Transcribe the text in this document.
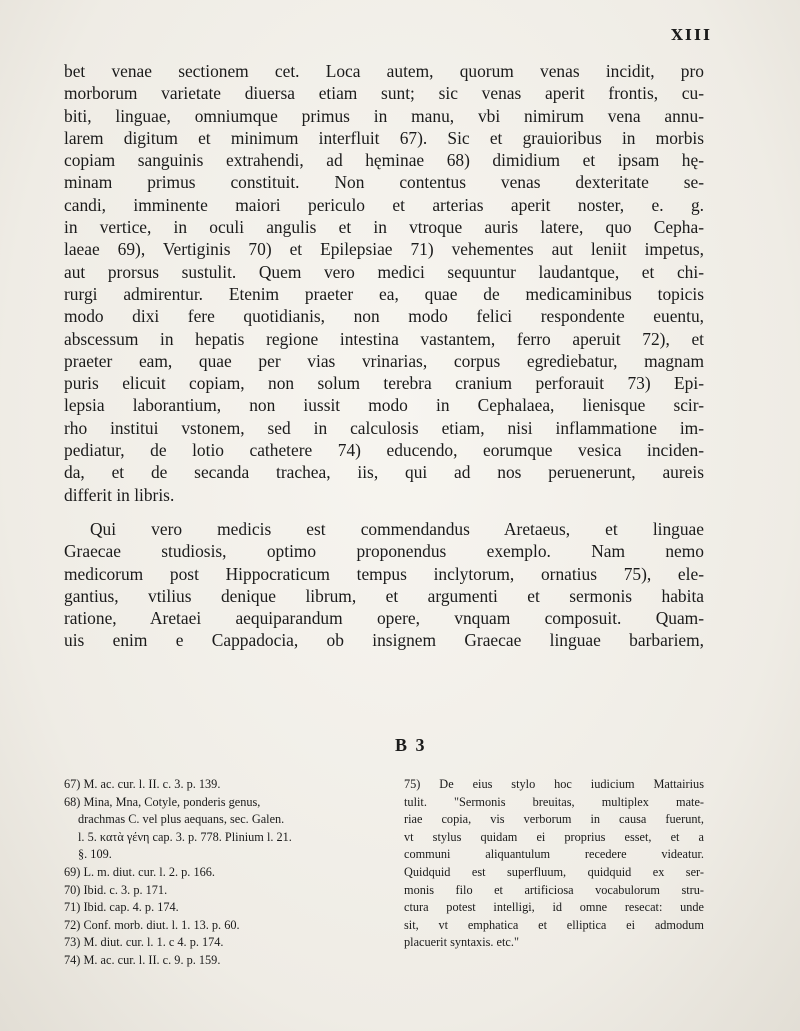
XIII
bet venae sectionem cet. Loca autem, quorum venas incidit, pro
morborum varietate diuersa etiam sunt; sic venas aperit frontis, cu-
biti, linguae, omniumque primus in manu, vbi nimirum vena annu-
larem digitum et minimum interfluit 67). Sic et grauioribus in morbis
copiam sanguinis extrahendi, ad hęminae 68) dimidium et ipsam hę-
minam primus constituit. Non contentus venas dexteritate se-
candi, imminente maiori periculo et arterias aperit noster, e. g.
in vertice, in oculi angulis et in vtroque auris latere, quo Cepha-
laeae 69), Vertiginis 70) et Epilepsiae 71) vehementes aut leniit impetus,
aut prorsus sustulit. Quem vero medici sequuntur laudantque, et chi-
rurgi admirentur. Etenim praeter ea, quae de medicaminibus topicis
modo dixi fere quotidianis, non modo felici respondente euentu,
abscessum in hepatis regione intestina vastantem, ferro aperuit 72), et
praeter eam, quae per vias vrinarias, corpus egrediebatur, magnam
puris elicuit copiam, non solum terebra cranium perforauit 73) Epi-
lepsia laborantium, non iussit modo in Cephalaea, lienisque scir-
rho institui vstonem, sed in calculosis etiam, nisi inflammatione im-
pediatur, de lotio cathetere 74) educendo, eorumque vesica inciden-
da, et de secanda trachea, iis, qui ad nos peruenerunt, aureis
differit in libris.
Qui vero medicis est commendandus Aretaeus, et linguae
Graecae studiosis, optimo proponendus exemplo. Nam nemo
medicorum post Hippocraticum tempus inclytorum, ornatius 75), ele-
gantius, vtilius denique librum, et argumenti et sermonis habita
ratione, Aretaei aequiparandum opere, vnquam composuit. Quam-
uis enim e Cappadocia, ob insignem Graecae linguae barbariem,
B 3
67) M. ac. cur. l. II. c. 3. p. 139.
68) Mina, Mna, Cotyle, ponderis genus,
drachmas C. vel plus aequans, sec. Galen.
l. 5. κατὰ γένη cap. 3. p. 778. Plinium l. 21.
§. 109.
69) L. m. diut. cur. l. 2. p. 166.
70) Ibid. c. 3. p. 171.
71) Ibid. cap. 4. p. 174.
72) Conf. morb. diut. l. 1. 13. p. 60.
73) M. diut. cur. l. 1. c 4. p. 174.
74) M. ac. cur. l. II. c. 9. p. 159.
75) De eius stylo hoc iudicium Mattairius
tulit. "Sermonis breuitas, multiplex mate-
riae copia, vis verborum in causa fuerunt,
vt stylus quidam ei proprius esset, et a
communi aliquantulum recedere videatur.
Quidquid est superfluum, quidquid ex ser-
monis filo et artificiosa vocabulorum stru-
ctura potest intelligi, id omne resecat: unde
sit, vt emphatica et elliptica ei admodum
placuerit syntaxis. etc."
